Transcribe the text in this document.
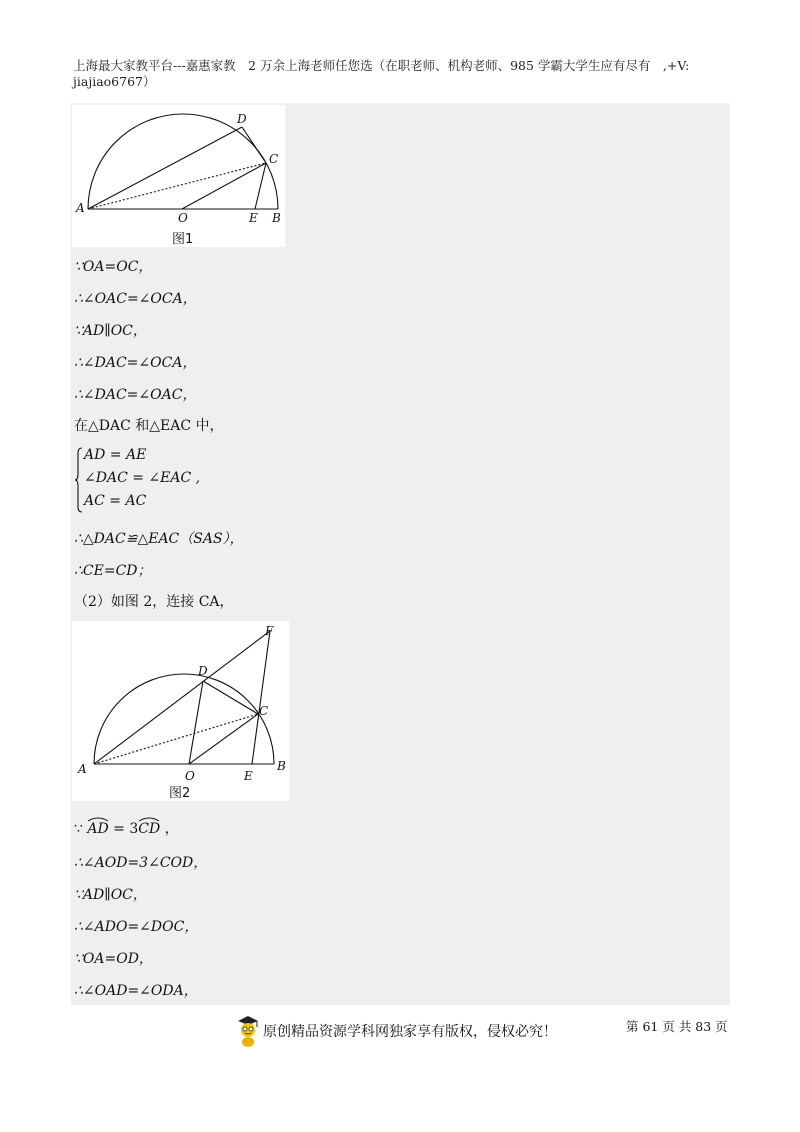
上海最大家教平台---嘉惠家教　2 万余上海老师任您选（在职老师、机构老师、985 学霸大学生应有尽有　,+V:
jiajiao6767）
A
D
C
O	E B
图1
∵OA=OC，
∴∠OAC=∠OCA，
∵AD∥OC，
∴∠DAC=∠OCA，
∴∠DAC=∠OAC，
在△DAC 和△EAC 中，
AD = AE
∠DAC = ∠EAC ,
AC = AC
∴△DAC≌△EAC（SAS），
∴CE=CD；
（2）如图 2，连接 CA，
A
D
C
O	E
B
F
图2
∵
AD = 3
CD ，
∴∠AOD=3∠COD，
∵AD∥OC，
∴∠ADO=∠DOC，
∵OA=OD，
∴∠OAD=∠ODA，
原创精品资源学科网独家享有版权，侵权必究！	第 61 页 共 83 页
